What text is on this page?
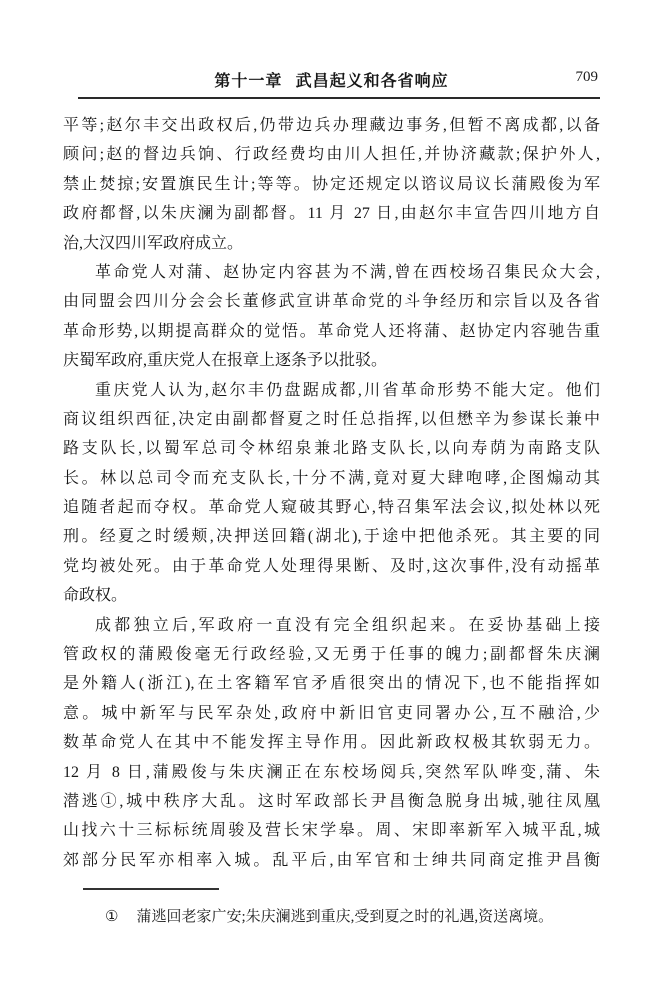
第十一章  武昌起义和各省响应	709
平等;赵尔丰交出政权后,仍带边兵办理藏边事务,但暂不离成都,以备
顾问;赵的督边兵饷、行政经费均由川人担任,并协济藏款;保护外人,
禁止焚掠;安置旗民生计;等等。协定还规定以谘议局议长蒲殿俊为军
政府都督,以朱庆澜为副都督。11 月 27 日,由赵尔丰宣告四川地方自
治,大汉四川军政府成立。
革命党人对蒲、赵协定内容甚为不满,曾在西校场召集民众大会,
由同盟会四川分会会长董修武宣讲革命党的斗争经历和宗旨以及各省
革命形势,以期提高群众的觉悟。革命党人还将蒲、赵协定内容驰告重
庆蜀军政府,重庆党人在报章上逐条予以批驳。
重庆党人认为,赵尔丰仍盘踞成都,川省革命形势不能大定。他们
商议组织西征,决定由副都督夏之时任总指挥,以但懋辛为参谋长兼中
路支队长,以蜀军总司令林绍泉兼北路支队长,以向寿荫为南路支队
长。林以总司令而充支队长,十分不满,竟对夏大肆咆哮,企图煽动其
追随者起而夺权。革命党人窥破其野心,特召集军法会议,拟处林以死
刑。经夏之时缓颊,决押送回籍(湖北),于途中把他杀死。其主要的同
党均被处死。由于革命党人处理得果断、及时,这次事件,没有动摇革
命政权。
成都独立后,军政府一直没有完全组织起来。在妥协基础上接
管政权的蒲殿俊毫无行政经验,又无勇于任事的魄力;副都督朱庆澜
是外籍人(浙江),在土客籍军官矛盾很突出的情况下,也不能指挥如
意。城中新军与民军杂处,政府中新旧官吏同署办公,互不融洽,少
数革命党人在其中不能发挥主导作用。因此新政权极其软弱无力。
12 月 8 日,蒲殿俊与朱庆澜正在东校场阅兵,突然军队哗变,蒲、朱
潜逃①,城中秩序大乱。这时军政部长尹昌衡急脱身出城,驰往凤凰
山找六十三标标统周骏及营长宋学皋。周、宋即率新军入城平乱,城
郊部分民军亦相率入城。乱平后,由军官和士绅共同商定推尹昌衡
① 蒲逃回老家广安;朱庆澜逃到重庆,受到夏之时的礼遇,资送离境。
